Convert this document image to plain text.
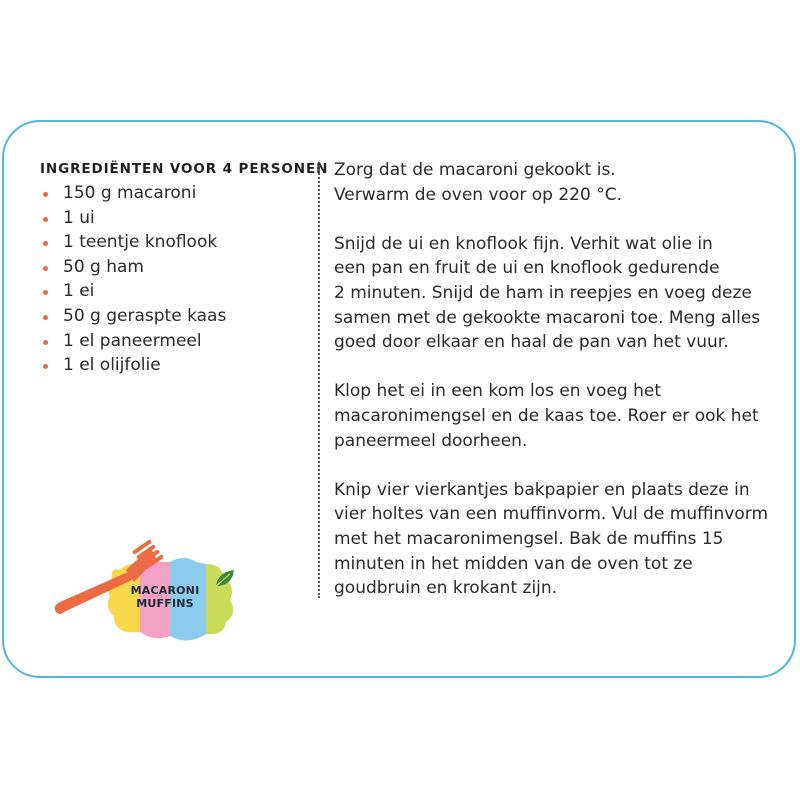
INGREDIËNTEN VOOR 4 PERSONEN
150 g macaroni
1 ui
1 teentje knoflook
50 g ham
1 ei
50 g geraspte kaas
1 el paneermeel
1 el olijfolie

Zorg dat de macaroni gekookt is.
Verwarm de oven voor op 220 °C.

Snijd de ui en knoflook fijn. Verhit wat olie in
een pan en fruit de ui en knoflook gedurende
2 minuten. Snijd de ham in reepjes en voeg deze
samen met de gekookte macaroni toe. Meng alles
goed door elkaar en haal de pan van het vuur.

Klop het ei in een kom los en voeg het
macaronimengsel en de kaas toe. Roer er ook het
paneermeel doorheen.

Knip vier vierkantjes bakpapier en plaats deze in
vier holtes van een muffinvorm. Vul de muffinvorm
met het macaronimengsel. Bak de muffins 15
minuten in het midden van de oven tot ze
goudbruin en krokant zijn.

MACARONI
MUFFINS
